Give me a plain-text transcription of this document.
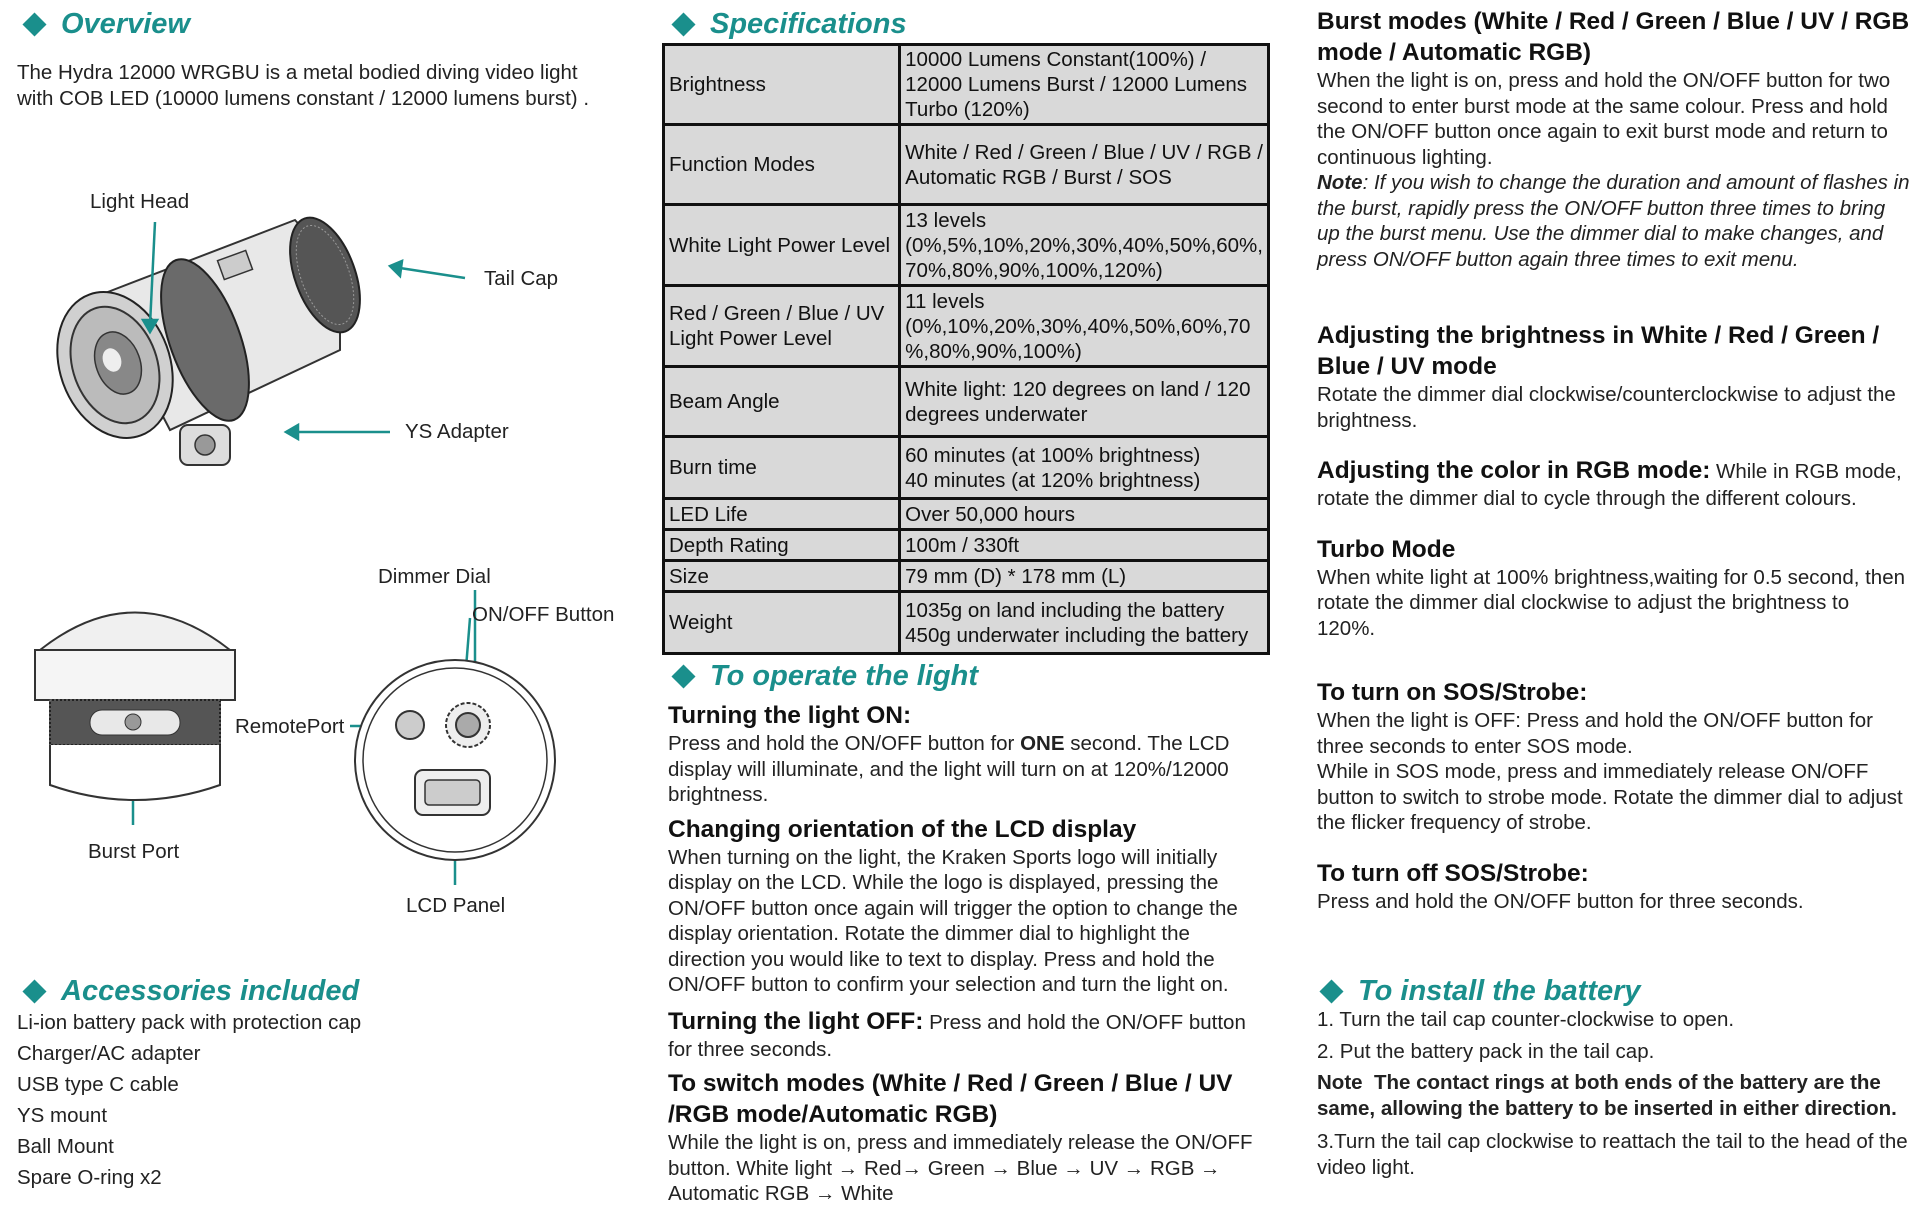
Overview
The Hydra 12000 WRGBU is a metal bodied diving video light with COB LED (10000 lumens constant / 12000 lumens burst) .
Light Head
Tail Cap
YS Adapter
Dimmer Dial
ON/OFF Button
RemotePort
Burst Port
LCD Panel
Accessories included
Li-ion battery pack with protection cap
Charger/AC adapter
USB type C cable
YS mount
Ball Mount
Spare O-ring x2
Specifications
Brightness	10000 Lumens Constant(100%) /
12000 Lumens Burst / 12000 Lumens
Turbo (120%)

Function Modes	White / Red / Green / Blue / UV / RGB /
Automatic RGB / Burst / SOS

White Light Power Level	13 levels
(0%,5%,10%,20%,30%,40%,50%,60%,
70%,80%,90%,100%,120%)

Red / Green / Blue / UV Light Power Level	11 levels
(0%,10%,20%,30%,40%,50%,60%,70
%,80%,90%,100%)

Beam Angle	White light: 120 degrees on land / 120
degrees underwater

Burn time	60 minutes (at 100% brightness)
40 minutes (at 120% brightness)

LED Life	Over 50,000 hours

Depth Rating	100m / 330ft

Size	79 mm (D) * 178 mm (L)

Weight	1035g on land including the battery
450g underwater including the battery
To operate the light
Turning the light ON:
Press and hold the ON/OFF button for ONE second. The LCD display will illuminate, and the light will turn on at 120%/12000 brightness.
Changing orientation of the LCD display
When turning on the light, the Kraken Sports logo will initially display on the LCD. While the logo is displayed, pressing the ON/OFF button once again will trigger the option to change the display orientation. Rotate the dimmer dial to highlight the direction you would like to text to display. Press and hold the ON/OFF button to confirm your selection and turn the light on.
Turning the light OFF: Press and hold the ON/OFF button for three seconds.
To switch modes (White / Red / Green / Blue / UV /RGB mode/Automatic RGB)
While the light is on, press and immediately release the ON/OFF button. White light → Red→ Green → Blue → UV → RGB → Automatic RGB → White
Burst modes (White / Red / Green / Blue / UV / RGB mode / Automatic RGB)
When the light is on, press and hold the ON/OFF button for two second to enter burst mode at the same colour. Press and hold the ON/OFF button once again to exit burst mode and return to continuous lighting.
Note: If you wish to change the duration and amount of flashes in the burst, rapidly press the ON/OFF button three times to bring up the burst menu. Use the dimmer dial to make changes, and press ON/OFF button again three times to exit menu.
Adjusting the brightness in White / Red / Green / Blue / UV mode
Rotate the dimmer dial clockwise/counterclockwise to adjust the brightness.
Adjusting the color in RGB mode: While in RGB mode, rotate the dimmer dial to cycle through the different colours.
Turbo Mode
When white light at 100% brightness,waiting for 0.5 second, then rotate the dimmer dial clockwise to adjust the brightness to 120%.
To turn on SOS/Strobe:
When the light is OFF: Press and hold the ON/OFF button for three seconds to enter SOS mode.
While in SOS mode, press and immediately release ON/OFF button to switch to strobe mode. Rotate the dimmer dial to adjust the flicker frequency of strobe.
To turn off SOS/Strobe:
Press and hold the ON/OFF button for three seconds.
To install the battery
1. Turn the tail cap counter-clockwise to open.
2. Put the battery pack in the tail cap.
Note  The contact rings at both ends of the battery are the same, allowing the battery to be inserted in either direction.
3.Turn the tail cap clockwise to reattach the tail to the head of the video light.
